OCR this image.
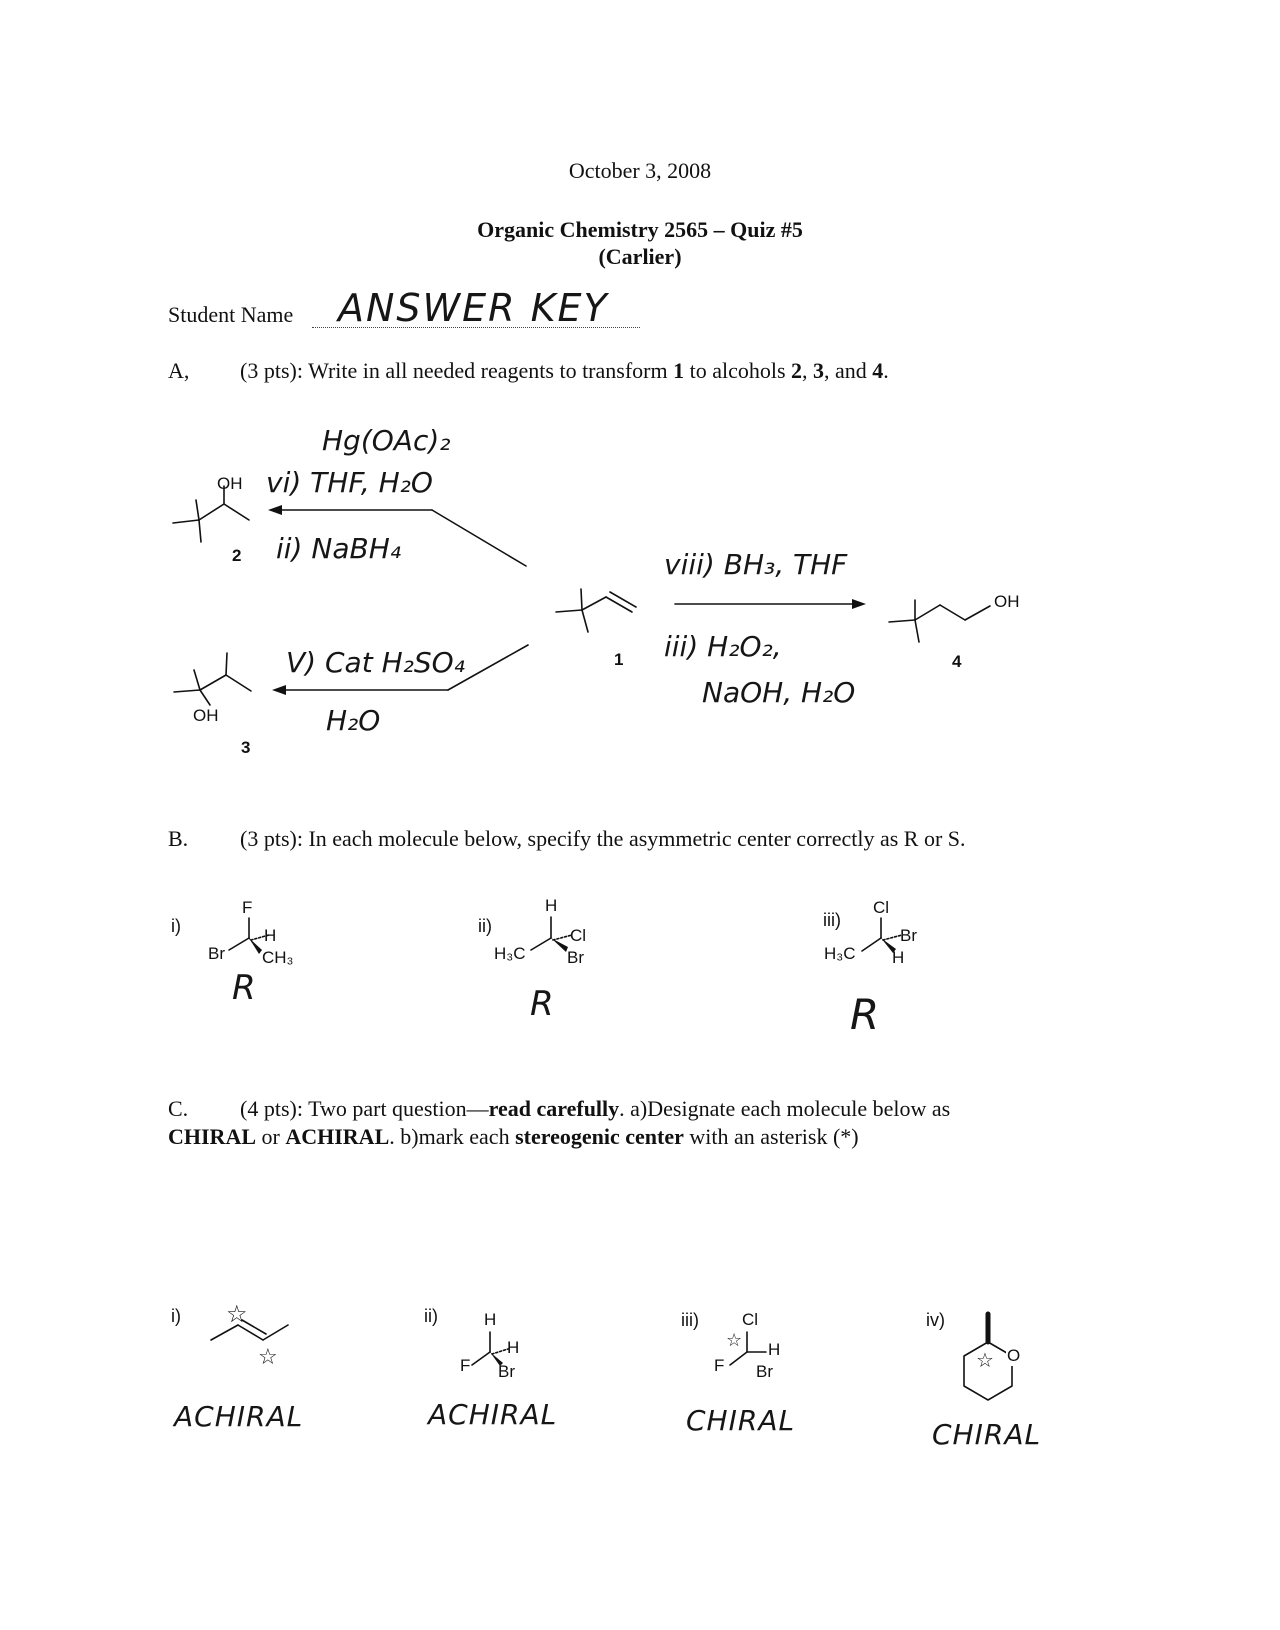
October 3, 2008
Organic Chemistry 2565 – Quiz #5
(Carlier)
Student Name ANSWER KEY
A, (3 pts): Write in all needed reagents to transform 1 to alcohols 2, 3, and 4.
OH
2
OH
3
1
OH
4
Hg(OAc)₂
vi) THF, H₂O
ii) NaBH₄
V) Cat H₂SO₄
H₂O
viii) BH₃, THF
iii) H₂O₂,
NaOH, H₂O
B. (3 pts): In each molecule below, specify the asymmetric center correctly as R or S.
i)
F
H
Br CH₃
R
ii)
H
Cl
H₃C Br
R
iii)
Cl
Br
H₃C H
R
C. (4 pts): Two part question—read carefully. a)Designate each molecule below as
CHIRAL or ACHIRAL. b)mark each stereogenic center with an asterisk (*)
i) ☆
☆
ACHIRAL
ii)	H
H
F Br
ACHIRAL
iii)	Cl
H
F Br
☆
CHIRAL
iv)
O
☆
CHIRAL
